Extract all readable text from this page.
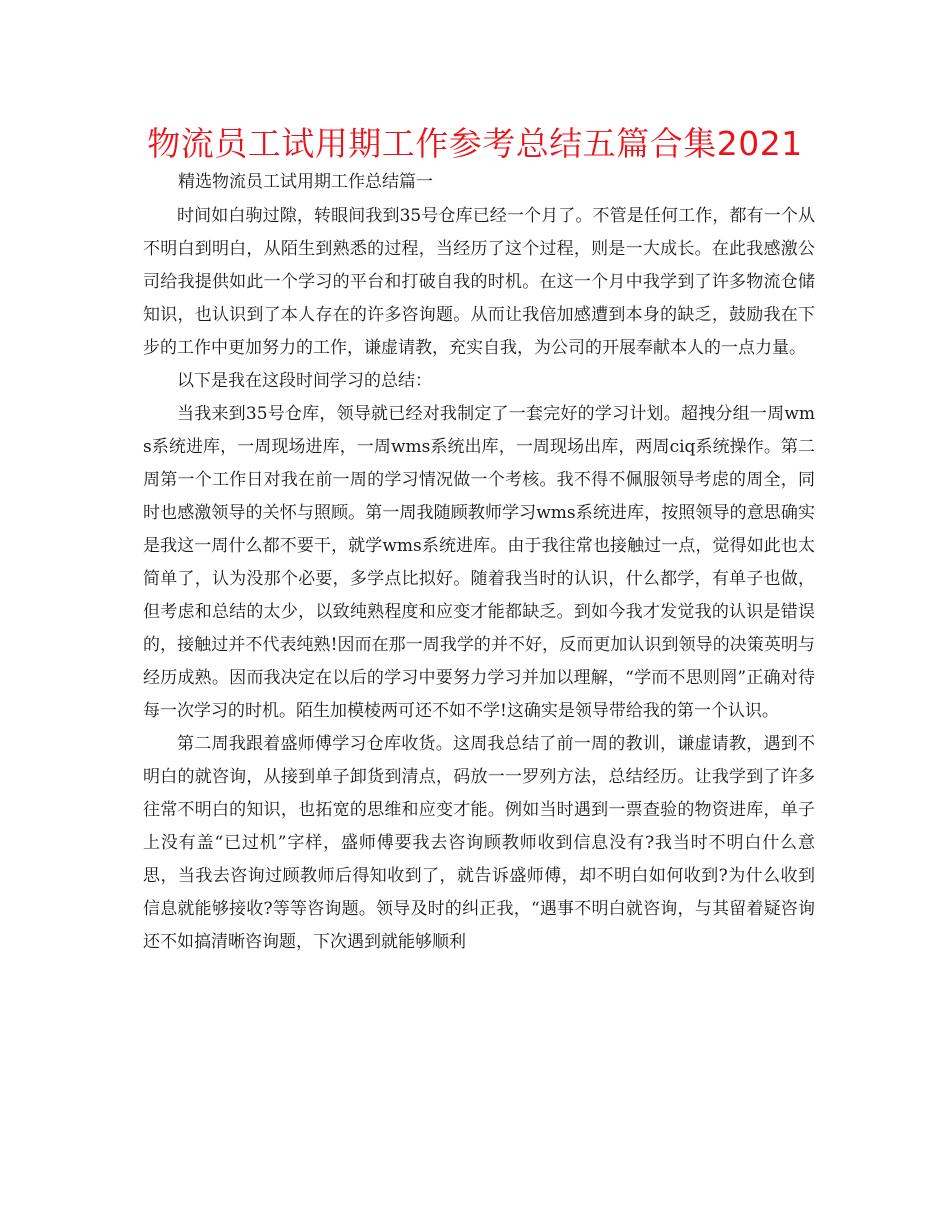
物流员工试用期工作参考总结五篇合集2021
精选物流员工试用期工作总结篇一

时间如白驹过隙，转眼间我到35号仓库已经一个月了。不管是任何工作，都有一个从不明白到明白，从陌生到熟悉的过程，当经历了这个过程，则是一大成长。在此我感激公司给我提供如此一个学习的平台和打破自我的时机。在这一个月中我学到了许多物流仓储知识，也认识到了本人存在的许多咨询题。从而让我倍加感遭到本身的缺乏，鼓励我在下步的工作中更加努力的工作，谦虚请教，充实自我，为公司的开展奉献本人的一点力量。

以下是我在这段时间学习的总结：

当我来到35号仓库，领导就已经对我制定了一套完好的学习计划。超拽分组一周wms系统进库，一周现场进库，一周wms系统出库，一周现场出库，两周ciq系统操作。第二周第一个工作日对我在前一周的学习情况做一个考核。我不得不佩服领导考虑的周全，同时也感激领导的关怀与照顾。第一周我随顾教师学习wms系统进库，按照领导的意思确实是我这一周什么都不要干，就学wms系统进库。由于我往常也接触过一点，觉得如此也太简单了，认为没那个必要，多学点比拟好。随着我当时的认识，什么都学，有单子也做，但考虑和总结的太少，以致纯熟程度和应变才能都缺乏。到如今我才发觉我的认识是错误的，接触过并不代表纯熟!因而在那一周我学的并不好，反而更加认识到领导的决策英明与经历成熟。因而我决定在以后的学习中要努力学习并加以理解，“学而不思则罔”正确对待每一次学习的时机。陌生加模棱两可还不如不学!这确实是领导带给我的第一个认识。

第二周我跟着盛师傅学习仓库收货。这周我总结了前一周的教训，谦虚请教，遇到不明白的就咨询，从接到单子卸货到清点，码放一一罗列方法，总结经历。让我学到了许多往常不明白的知识，也拓宽的思维和应变才能。例如当时遇到一票查验的物资进库，单子上没有盖“已过机”字样，盛师傅要我去咨询顾教师收到信息没有?我当时不明白什么意思，当我去咨询过顾教师后得知收到了，就告诉盛师傅，却不明白如何收到?为什么收到信息就能够接收?等等咨询题。领导及时的纠正我，“遇事不明白就咨询，与其留着疑咨询还不如搞清晰咨询题，下次遇到就能够顺利
